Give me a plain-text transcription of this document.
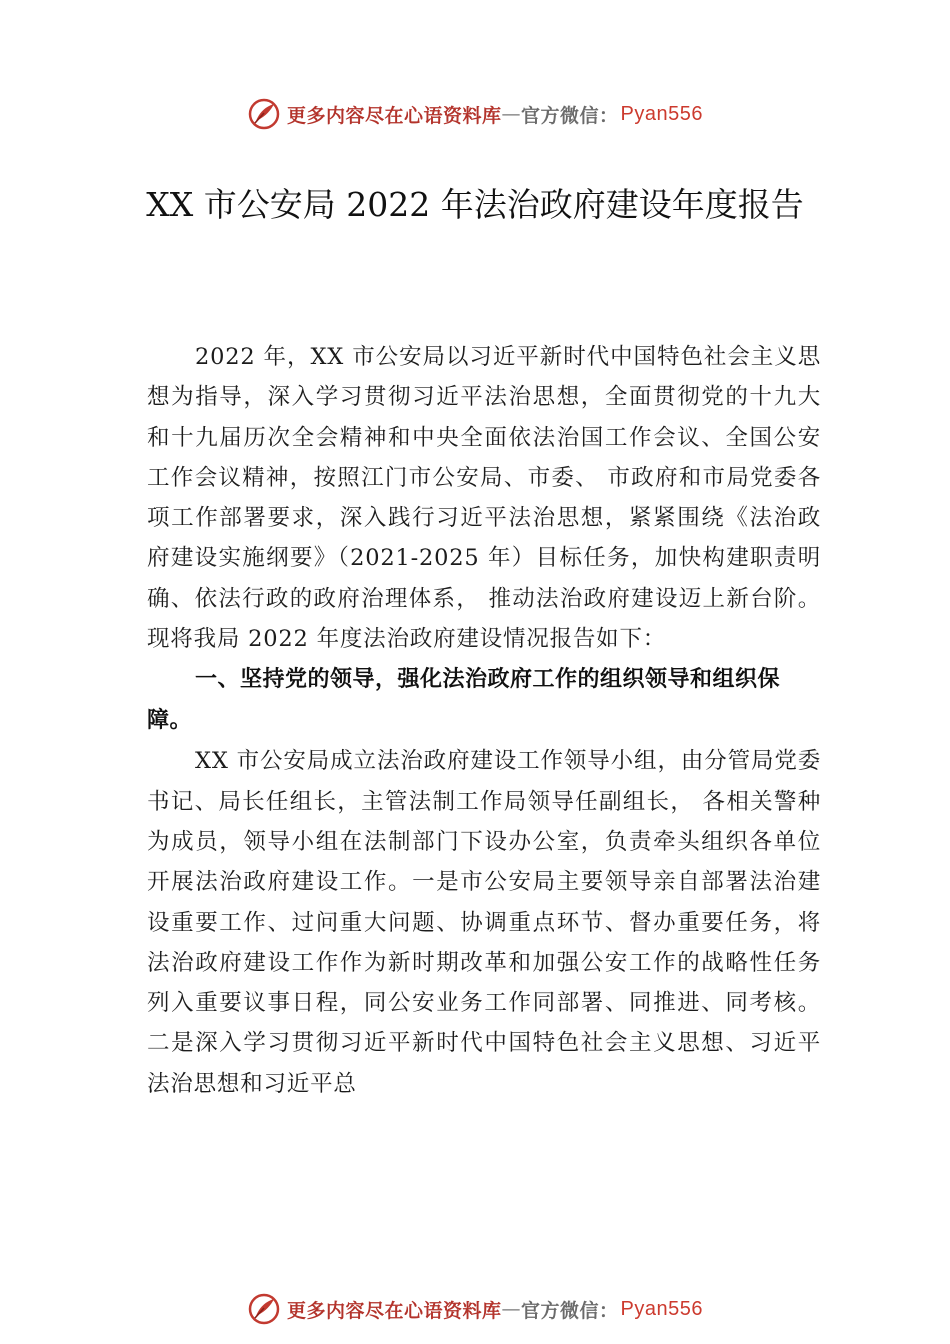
更多内容尽在心语资料库 — 官方微信： Pyan556
XX 市公安局 2022 年法治政府建设年度报告

2022 年，XX 市公安局以习近平新时代中国特色社会主义思想为指导，深入学习贯彻习近平法治思想，全面贯彻党的十九大和十九届历次全会精神和中央全面依法治国工作会议、全国公安工作会议精神，按照江门市公安局、市委、 市政府和市局党委各项工作部署要求，深入践行习近平法治思想，紧紧围绕《法治政府建设实施纲要》（2021-2025 年）目标任务，加快构建职责明确、依法行政的政府治理体系， 推动法治政府建设迈上新台阶。现将我局 2022 年度法治政府建设情况报告如下：

一、坚持党的领导，强化法治政府工作的组织领导和组织保障。

XX 市公安局成立法治政府建设工作领导小组，由分管局党委书记、局长任组长，主管法制工作局领导任副组长， 各相关警种为成员，领导小组在法制部门下设办公室，负责牵头组织各单位开展法治政府建设工作。一是市公安局主要领导亲自部署法治建设重要工作、过问重大问题、协调重点环节、督办重要任务，将法治政府建设工作作为新时期改革和加强公安工作的战略性任务列入重要议事日程，同公安业务工作同部署、同推进、同考核。二是深入学习贯彻习近平新时代中国特色社会主义思想、习近平法治思想和习近平总

更多内容尽在心语资料库 — 官方微信： Pyan556
